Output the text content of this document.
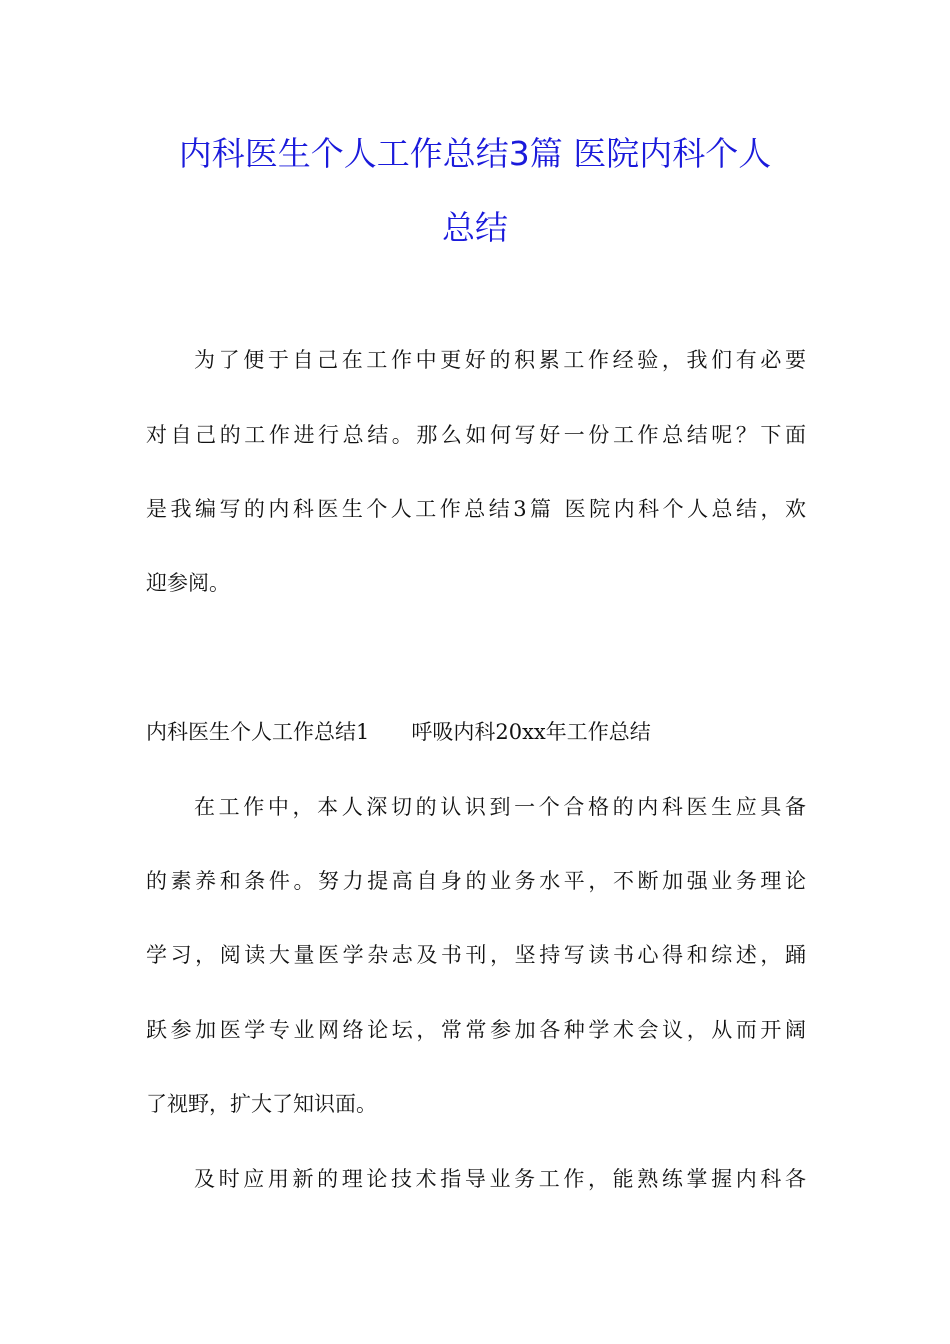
内科医生个人工作总结3篇 医院内科个人
总结

为了便于自己在工作中更好的积累工作经验，我们有必要

对自己的工作进行总结。那么如何写好一份工作总结呢？下面

是我编写的内科医生个人工作总结3篇 医院内科个人总结，欢

迎参阅。

内科医生个人工作总结1　　呼吸内科20xx年工作总结

在工作中，本人深切的认识到一个合格的内科医生应具备

的素养和条件。努力提高自身的业务水平，不断加强业务理论

学习，阅读大量医学杂志及书刊，坚持写读书心得和综述，踊

跃参加医学专业网络论坛，常常参加各种学术会议，从而开阔

了视野，扩大了知识面。

及时应用新的理论技术指导业务工作，能熟练掌握内科各
